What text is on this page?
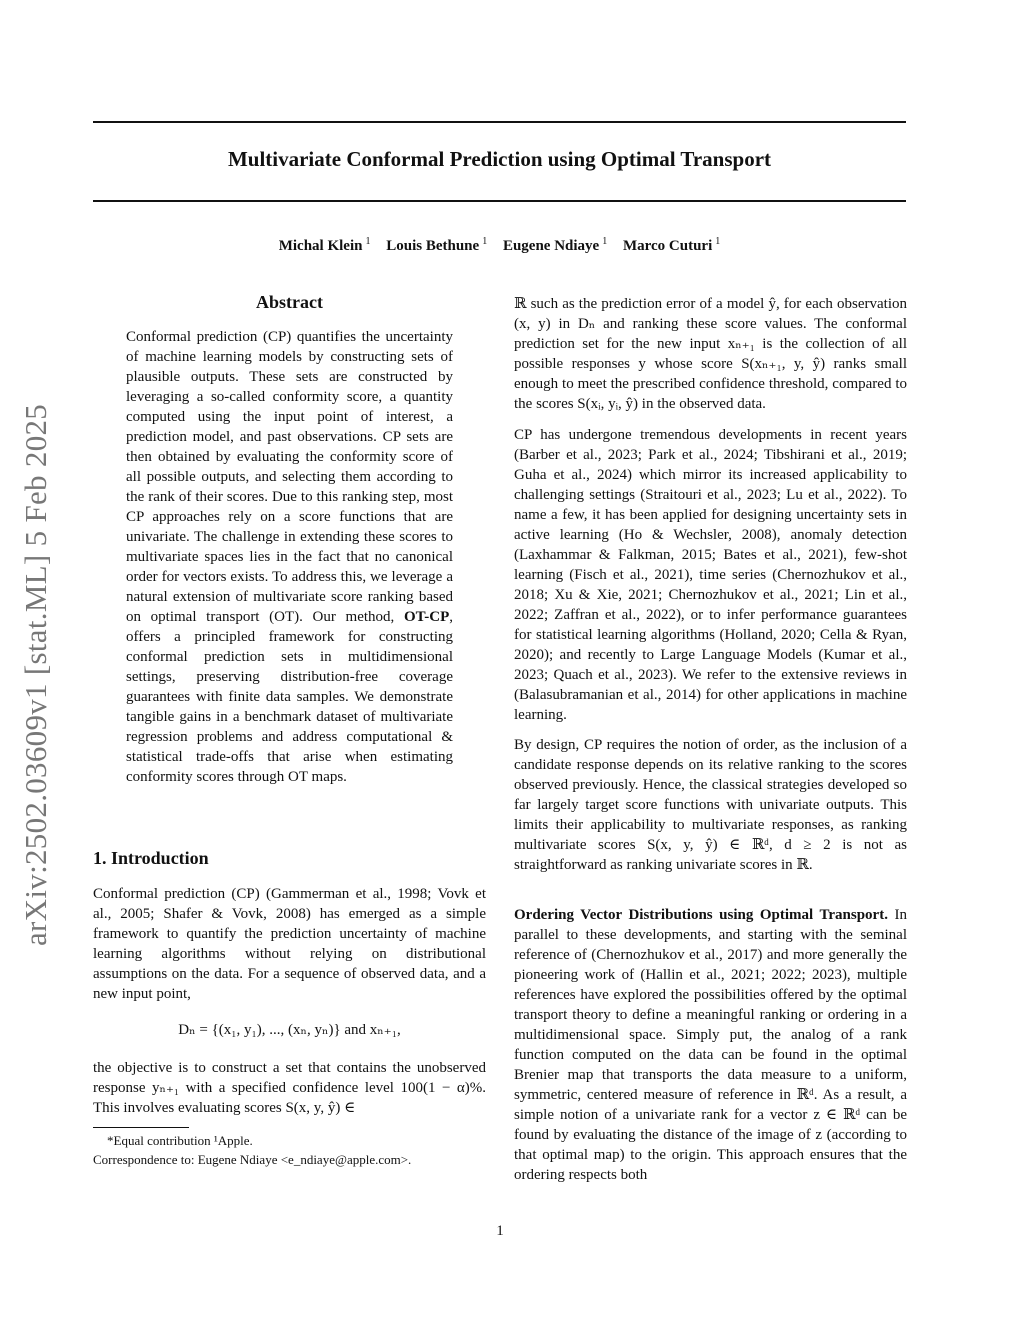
Multivariate Conformal Prediction using Optimal Transport
Michal Klein $^1$ Louis Bethune $^1$ Eugene Ndiaye $^1$ Marco Cuturi $^1$
arXiv:2502.03609v1 [stat.ML] 5 Feb 2025
Abstract

Conformal prediction (CP) quantifies the uncertainty of machine learning models by constructing sets of plausible outputs. These sets are constructed by leveraging a so-called conformity score, a quantity computed using the input point of interest, a prediction model, and past observations. CP sets are then obtained by evaluating the conformity score of all possible outputs, and selecting them according to the rank of their scores. Due to this ranking step, most CP approaches rely on a score functions that are univariate. The challenge in extending these scores to multivariate spaces lies in the fact that no canonical order for vectors exists. To address this, we leverage a natural extension of multivariate score ranking based on optimal transport (OT). Our method, OT-CP, offers a principled framework for constructing conformal prediction sets in multidimensional settings, preserving distribution-free coverage guarantees with finite data samples. We demonstrate tangible gains in a benchmark dataset of multivariate regression problems and address computational & statistical trade-offs that arise when estimating conformity scores through OT maps.

1. Introduction

Conformal prediction (CP) (Gammerman et al., 1998; Vovk et al., 2005; Shafer & Vovk, 2008) has emerged as a simple framework to quantify the prediction uncertainty of machine learning algorithms without relying on distributional assumptions on the data. For a sequence of observed data, and a new input point,

Dₙ = {(x₁, y₁), ..., (xₙ, yₙ)} and xₙ₊₁,

the objective is to construct a set that contains the unobserved response yₙ₊₁ with a specified confidence level 100(1 − α)%. This involves evaluating scores S(x, y, ŷ) ∈

*Equal contribution ¹Apple.
Correspondence to: Eugene Ndiaye <e_ndiaye@apple.com>.

ℝ such as the prediction error of a model ŷ, for each observation (x, y) in Dₙ and ranking these score values. The conformal prediction set for the new input xₙ₊₁ is the collection of all possible responses y whose score S(xₙ₊₁, y, ŷ) ranks small enough to meet the prescribed confidence threshold, compared to the scores S(xᵢ, yᵢ, ŷ) in the observed data.

CP has undergone tremendous developments in recent years (Barber et al., 2023; Park et al., 2024; Tibshirani et al., 2019; Guha et al., 2024) which mirror its increased applicability to challenging settings (Straitouri et al., 2023; Lu et al., 2022). To name a few, it has been applied for designing uncertainty sets in active learning (Ho & Wechsler, 2008), anomaly detection (Laxhammar & Falkman, 2015; Bates et al., 2021), few-shot learning (Fisch et al., 2021), time series (Chernozhukov et al., 2018; Xu & Xie, 2021; Chernozhukov et al., 2021; Lin et al., 2022; Zaffran et al., 2022), or to infer performance guarantees for statistical learning algorithms (Holland, 2020; Cella & Ryan, 2020); and recently to Large Language Models (Kumar et al., 2023; Quach et al., 2023). We refer to the extensive reviews in (Balasubramanian et al., 2014) for other applications in machine learning.

By design, CP requires the notion of order, as the inclusion of a candidate response depends on its relative ranking to the scores observed previously. Hence, the classical strategies developed so far largely target score functions with univariate outputs. This limits their applicability to multivariate responses, as ranking multivariate scores S(x, y, ŷ) ∈ ℝᵈ, d ≥ 2 is not as straightforward as ranking univariate scores in ℝ.

Ordering Vector Distributions using Optimal Transport. In parallel to these developments, and starting with the seminal reference of (Chernozhukov et al., 2017) and more generally the pioneering work of (Hallin et al., 2021; 2022; 2023), multiple references have explored the possibilities offered by the optimal transport theory to define a meaningful ranking or ordering in a multidimensional space. Simply put, the analog of a rank function computed on the data can be found in the optimal Brenier map that transports the data measure to a uniform, symmetric, centered measure of reference in ℝᵈ. As a result, a simple notion of a univariate rank for a vector z ∈ ℝᵈ can be found by evaluating the distance of the image of z (according to that optimal map) to the origin. This approach ensures that the ordering respects both

1
